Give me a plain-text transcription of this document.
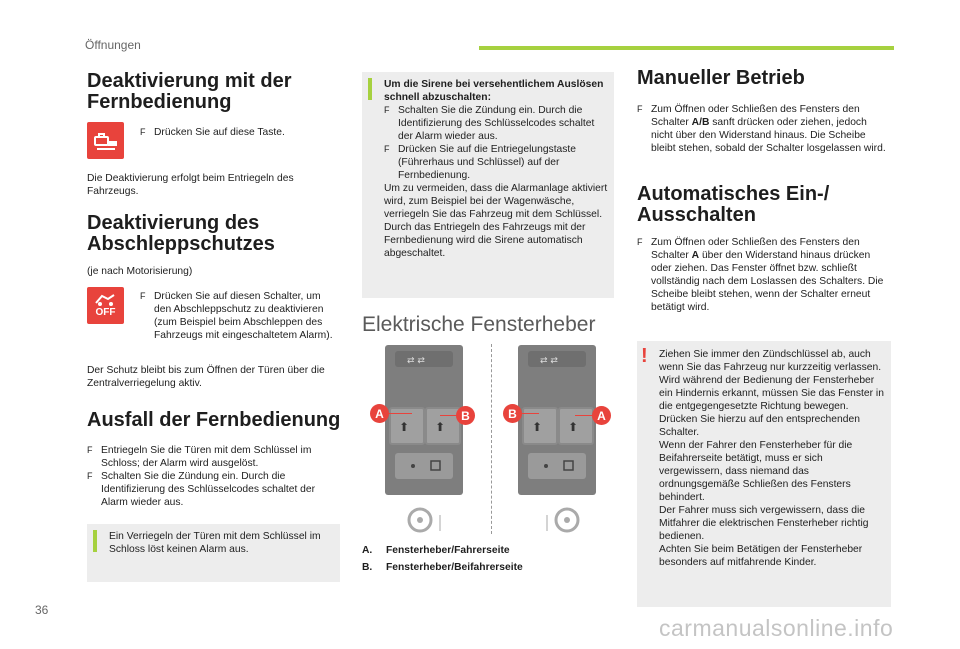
Öffnungen
Deaktivierung mit der
Fernbedienung
F Drücken Sie auf diese Taste.
Die Deaktivierung erfolgt beim Entriegeln des Fahrzeugs.
Deaktivierung des
Abschleppschutzes
(je nach Motorisierung)
OFF
F Drücken Sie auf diesen Schalter, um den Abschleppschutz zu deaktivieren (zum Beispiel beim Abschleppen des Fahrzeugs mit eingeschaltetem Alarm).
Der Schutz bleibt bis zum Öffnen der Türen über die Zentralverriegelung aktiv.
Ausfall der Fernbedienung
F Entriegeln Sie die Türen mit dem Schlüssel im Schloss; der Alarm wird ausgelöst.
F Schalten Sie die Zündung ein. Durch die Identifizierung des Schlüsselcodes schaltet der Alarm wieder aus.
Ein Verriegeln der Türen mit dem Schlüssel im Schloss löst keinen Alarm aus.
Um die Sirene bei versehentlichem Auslösen schnell abzuschalten:
F Schalten Sie die Zündung ein. Durch die Identifizierung des Schlüsselcodes schaltet der Alarm wieder aus.
F Drücken Sie auf die Entriegelungstaste (Führerhaus und Schlüssel) auf der Fernbedienung.
Um zu vermeiden, dass die Alarmanlage aktiviert wird, zum Beispiel bei der Wagenwäsche, verriegeln Sie das Fahrzeug mit dem Schlüssel.
Durch das Entriegeln des Fahrzeugs mit der Fernbedienung wird die Sirene automatisch abgeschaltet.
Elektrische Fensterheber
⇄ ⇄
⬆ ⬆
⇄ ⇄
⬆ ⬆
A	B	B	A
A.	Fensterheber/Fahrerseite
B.	Fensterheber/Beifahrerseite
Manueller Betrieb
F Zum Öffnen oder Schließen des Fensters den Schalter A/B sanft drücken oder ziehen, jedoch nicht über den Widerstand hinaus. Die Scheibe bleibt stehen, sobald der Schalter losgelassen wird.
Automatisches Ein-/
Ausschalten
F Zum Öffnen oder Schließen des Fensters den Schalter A über den Widerstand hinaus drücken oder ziehen. Das Fenster öffnet bzw. schließt vollständig nach dem Loslassen des Schalters. Die Scheibe bleibt stehen, wenn der Schalter erneut betätigt wird.
! Ziehen Sie immer den Zündschlüssel ab, auch wenn Sie das Fahrzeug nur kurzzeitig verlassen.
Wird während der Bedienung der Fensterheber ein Hindernis erkannt, müssen Sie das Fenster in die entgegengesetzte Richtung bewegen. Drücken Sie hierzu auf den entsprechenden Schalter.
Wenn der Fahrer den Fensterheber für die Beifahrerseite betätigt, muss er sich vergewissern, dass niemand das ordnungsgemäße Schließen des Fensters behindert.
Der Fahrer muss sich vergewissern, dass die Mitfahrer die elektrischen Fensterheber richtig bedienen.
Achten Sie beim Betätigen der Fensterheber besonders auf mitfahrende Kinder.
36
carmanualsonline.info
